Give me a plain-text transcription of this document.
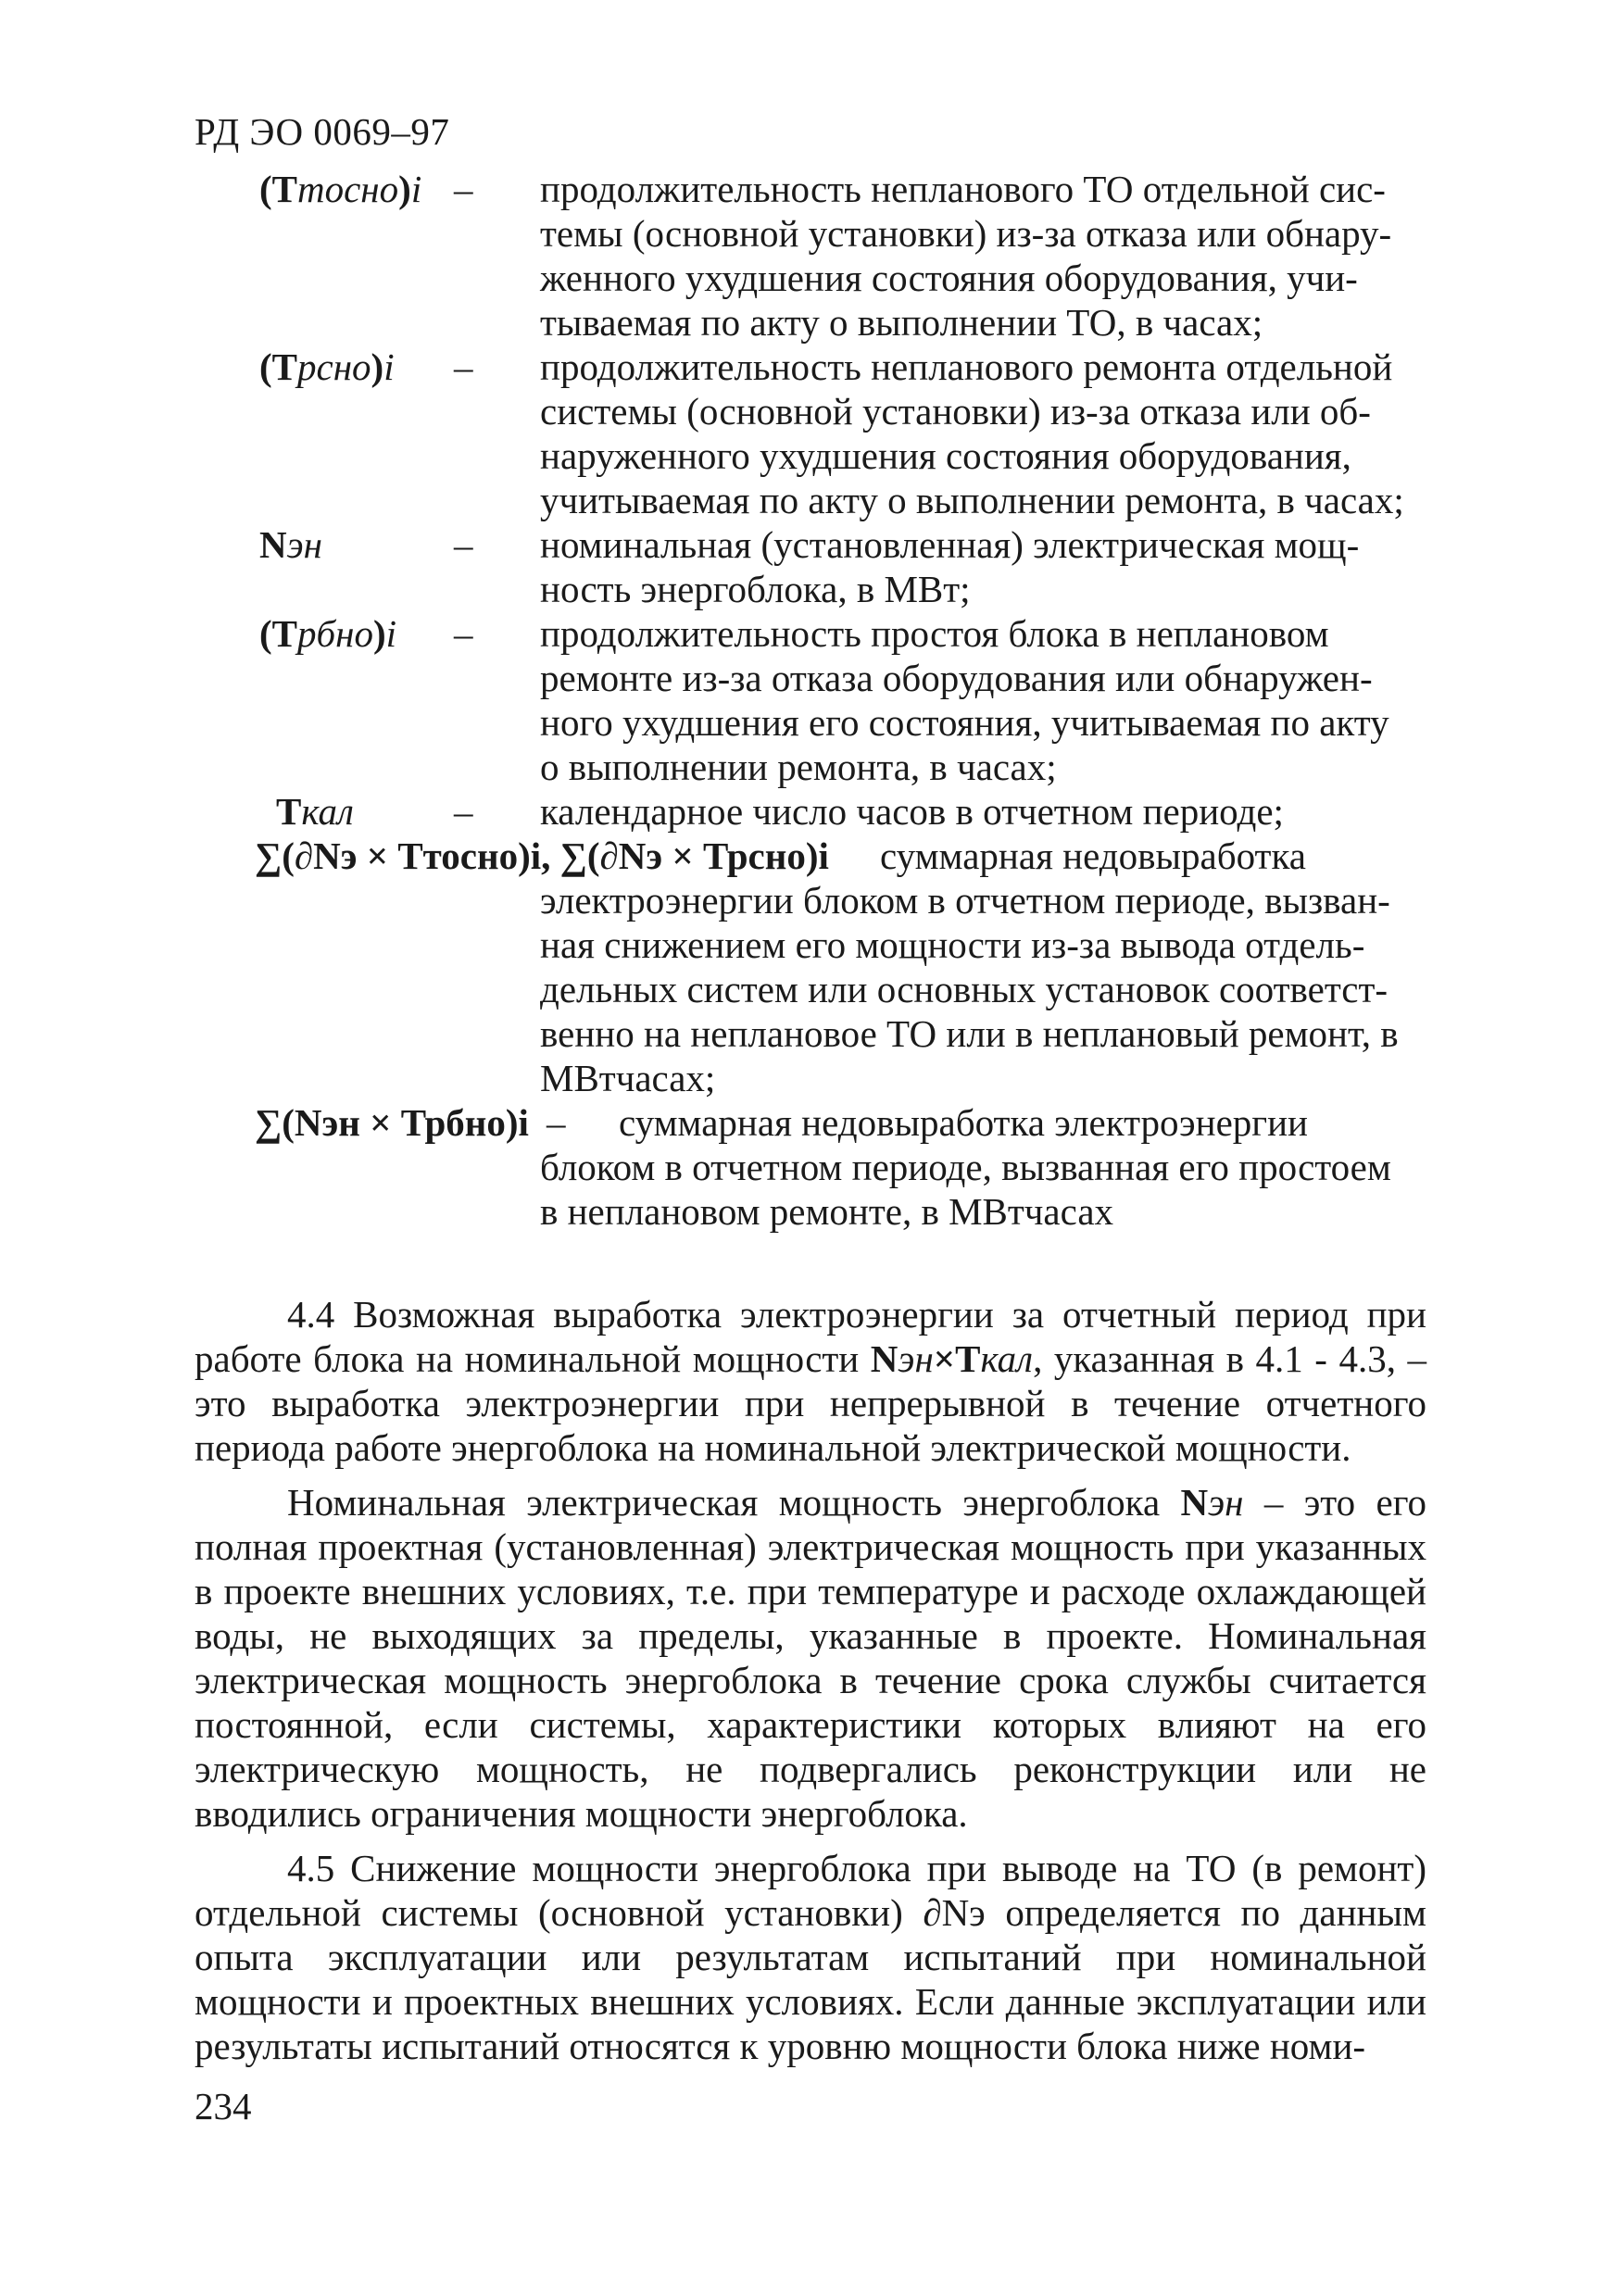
РД ЭО 0069–97
(Ттосно)i – продолжительность непланового ТО отдельной сис-
темы (основной установки) из-за отказа или обнару-
женного ухудшения состояния оборудования, учи-
тываемая по акту о выполнении ТО, в часах;
(Трсно)i – продолжительность непланового ремонта отдельной
системы (основной установки) из-за отказа или об-
наруженного ухудшения состояния оборудования,
учитываемая по акту о выполнении ремонта, в часах;
Nэн	– номинальная (установленная) электрическая мощ-
ность энергоблока, в МВт;
(Трбно)i – продолжительность простоя блока в неплановом
ремонте из-за отказа оборудования или обнаружен-
ного ухудшения его состояния, учитываемая по акту
о выполнении ремонта, в часах;
Ткал	– календарное число часов в отчетном периоде;
∑(∂Nэ × Ттосно)i, ∑(∂Nэ × Трсно)i суммарная недовыработка
электроэнергии блоком в отчетном периоде, вызван-
ная снижением его мощности из-за вывода отдель-
дельных систем или основных установок соответст-
венно на неплановое ТО или в неплановый ремонт, в
МВтчасах;
∑(Nэн × Трбно)i – суммарная недовыработка электроэнергии
блоком в отчетном периоде, вызванная его простоем
в неплановом ремонте, в МВтчасах

4.4 Возможная выработка электроэнергии за отчетный период при работе блока на номинальной мощности Nэн×Ткал, указанная в 4.1 - 4.3, – это выработка электроэнергии при непрерывной в течение отчетного периода работе энергоблока на номинальной электрической мощности.

Номинальная электрическая мощность энергоблока Nэн – это его полная проектная (установленная) электрическая мощность при указанных в проекте внешних условиях, т.е. при температуре и расходе охлаждающей воды, не выходящих за пределы, указанные в проекте. Номинальная электрическая мощность энергоблока в течение срока службы считается постоянной, если системы, характеристики которых влияют на его электрическую мощность, не подвергались реконструкции или не вводились ограничения мощности энергоблока.

4.5 Снижение мощности энергоблока при выводе на ТО (в ремонт) отдельной системы (основной установки) ∂Nэ определяется по данным опыта эксплуатации или результатам испытаний при номинальной мощности и проектных внешних условиях. Если данные эксплуатации или результаты испытаний относятся к уровню мощности блока ниже номи-

234
